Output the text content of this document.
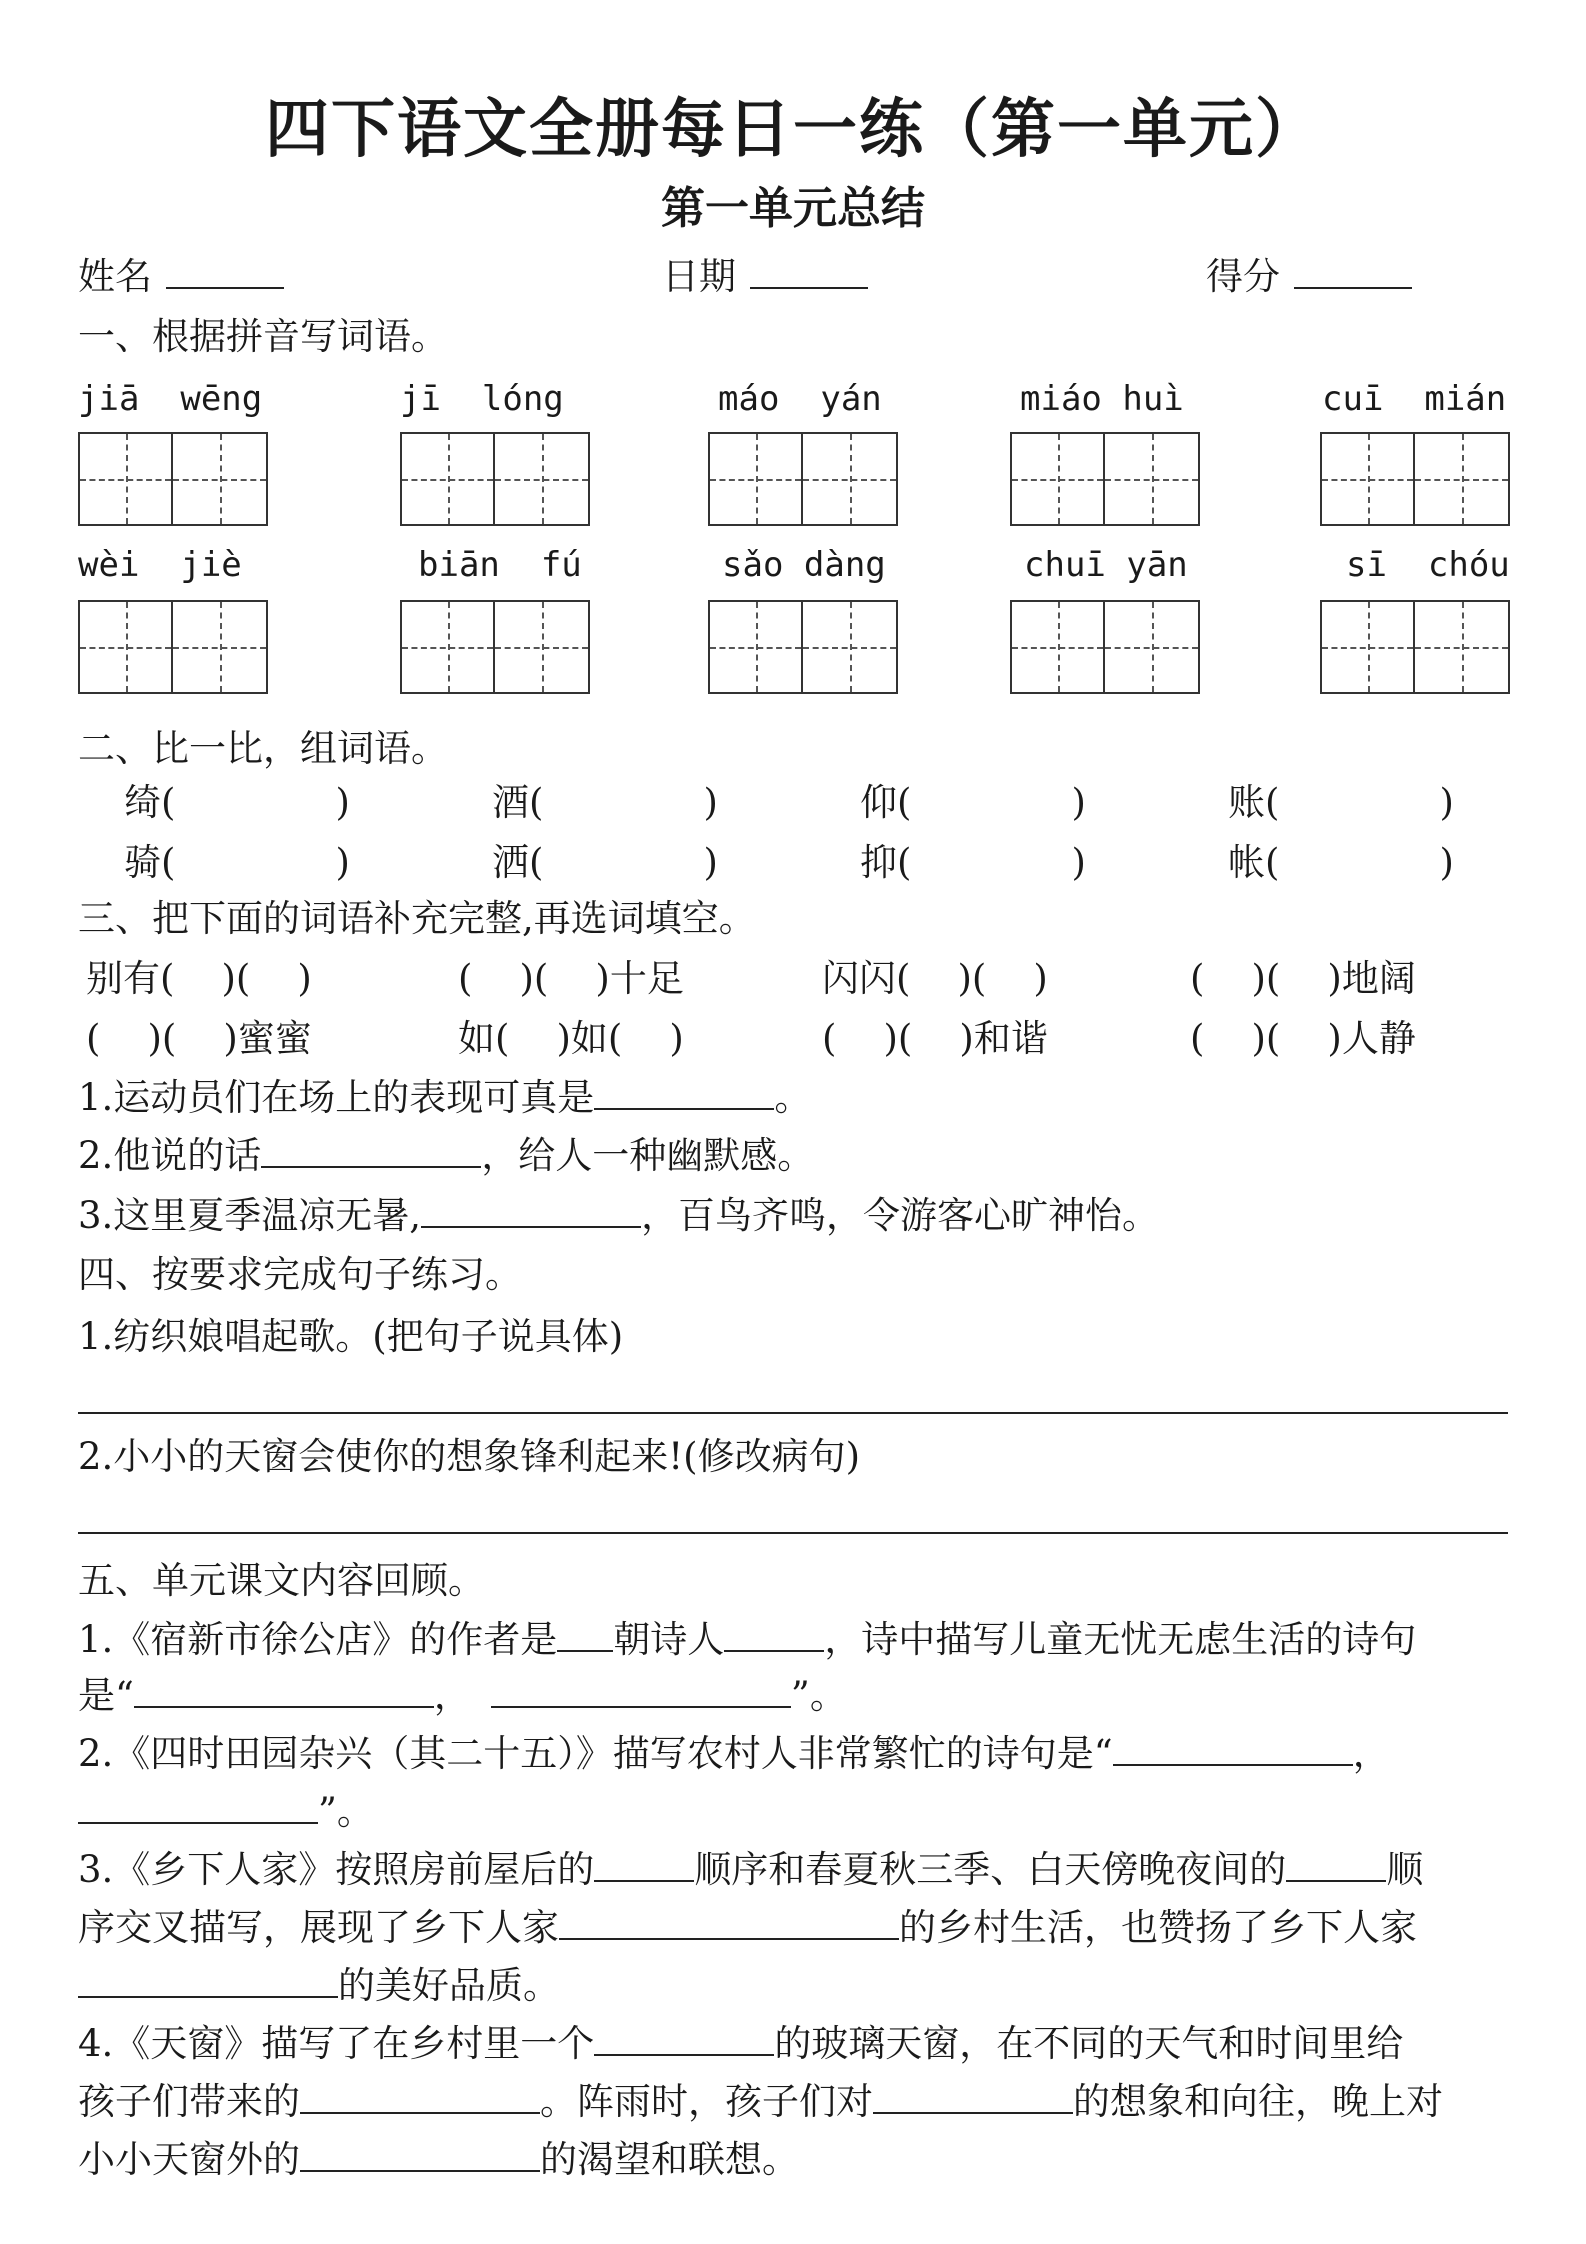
四下语文全册每日一练（第一单元）
第一单元总结
姓名	日期	得分
一、根据拼音写词语。
jiā  wēng	jī  lóng	máo  yán	miáo huì	cuī  mián
wèi  jiè	biān  fú	sǎo dàng	chuī yān	sī  chóu
二、比一比，组词语。
绮(	)	酒(	)	仰(	)	账(	)
骑(	)	洒(	)	抑(	)	帐(	)
三、把下面的词语补充完整,再选词填空。
别有(    )(    )	(    )(    )十足	闪闪(    )(    )	(    )(    )地阔
(    )(    )蜜蜜	如(    )如(    )	(    )(    )和谐	(    )(    )人静
1.运动员们在场上的表现可真是	。
2.他说的话	，给人一种幽默感。
3.这里夏季温凉无暑,	，百鸟齐鸣，令游客心旷神怡。
四、按要求完成句子练习。
1.纺织娘唱起歌。(把句子说具体)
2.小小的天窗会使你的想象锋利起来!(修改病句)
五、单元课文内容回顾。
1.《宿新市徐公店》的作者是 朝诗人	，诗中描写儿童无忧无虑生活的诗句
是“	，	”。
2.《四时田园杂兴（其二十五）》描写农村人非常繁忙的诗句是“	，
”。
3.《乡下人家》按照房前屋后的	顺序和春夏秋三季、白天傍晚夜间的	顺
序交叉描写，展现了乡下人家	的乡村生活，也赞扬了乡下人家
的美好品质。
4.《天窗》描写了在乡村里一个	的玻璃天窗，在不同的天气和时间里给
孩子们带来的	。阵雨时，孩子们对	的想象和向往，晚上对
小小天窗外的	的渴望和联想。
